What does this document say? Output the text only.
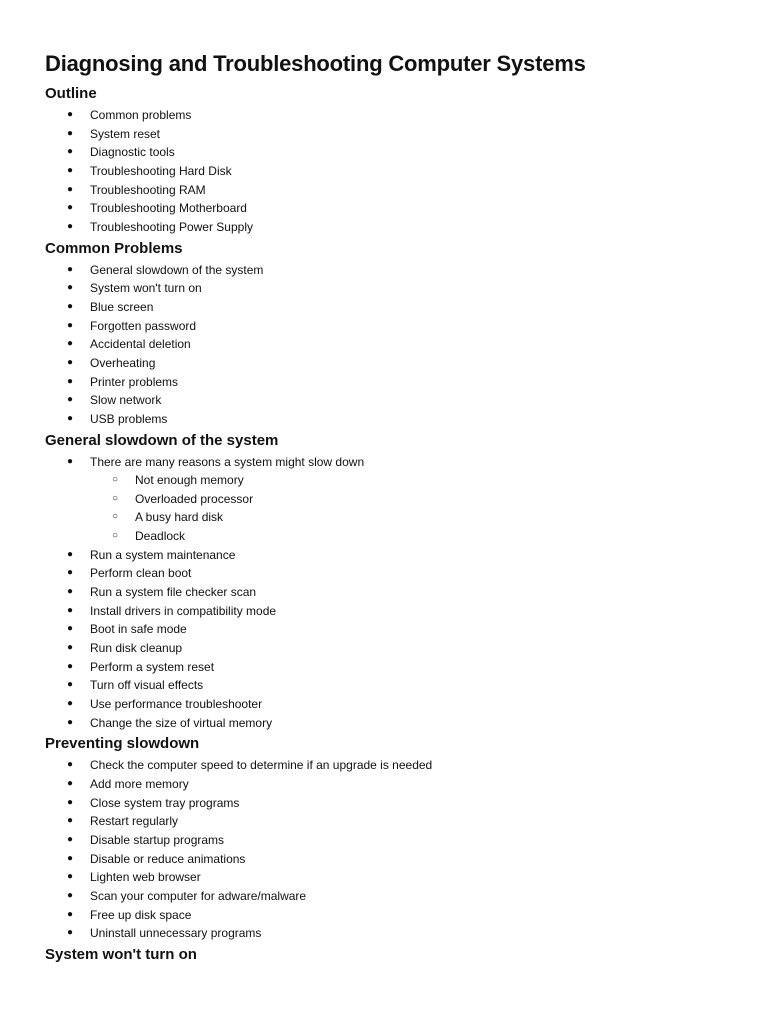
Diagnosing and Troubleshooting Computer Systems
Outline
● Common problems
● System reset
● Diagnostic tools
● Troubleshooting Hard Disk
● Troubleshooting RAM
● Troubleshooting Motherboard
● Troubleshooting Power Supply
Common Problems
● General slowdown of the system
● System won't turn on
● Blue screen
● Forgotten password
● Accidental deletion
● Overheating
● Printer problems
● Slow network
● USB problems
General slowdown of the system
● There are many reasons a system might slow down
○ Not enough memory
○ Overloaded processor
○ A busy hard disk
○ Deadlock
● Run a system maintenance
● Perform clean boot
● Run a system file checker scan
● Install drivers in compatibility mode
● Boot in safe mode
● Run disk cleanup
● Perform a system reset
● Turn off visual effects
● Use performance troubleshooter
● Change the size of virtual memory
Preventing slowdown
● Check the computer speed to determine if an upgrade is needed
● Add more memory
● Close system tray programs
● Restart regularly
● Disable startup programs
● Disable or reduce animations
● Lighten web browser
● Scan your computer for adware/malware
● Free up disk space
● Uninstall unnecessary programs
System won't turn on
